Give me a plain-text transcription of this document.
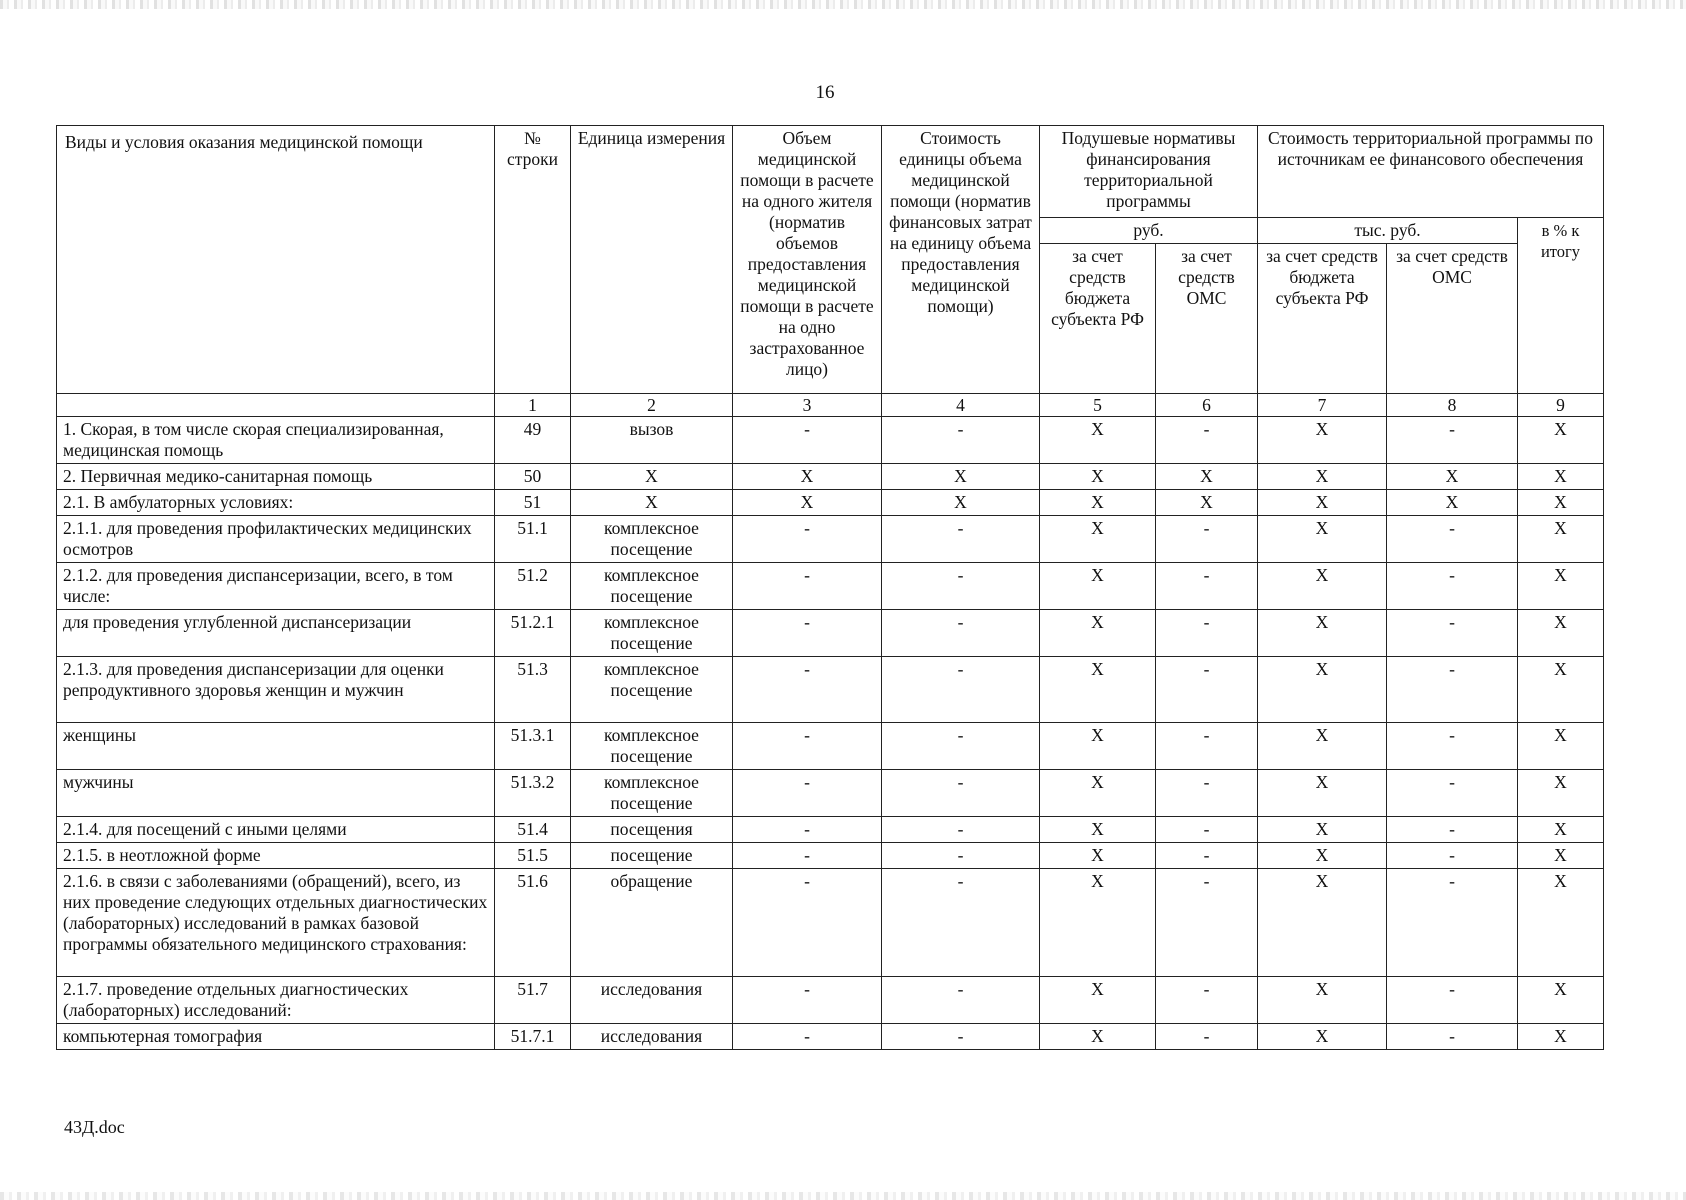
16
Виды и условия оказания медицинской помощи	№ строки	Единица измерения	Объем медицинской помощи в расчете на одного жителя (норматив объемов предоставления медицинской помощи в расчете на одно застрахованное лицо)	Стоимость единицы объема медицинской помощи (норматив финансовых затрат на единицу объема предоставления медицинской помощи)	Подушевые нормативы финансирования территориальной программы		Стоимость территориальной программы по источникам ее финансового обеспечения		
					руб.		тыс. руб.		в % к итогу
					за счет средств бюджета субъекта РФ	за счет средств ОМС	за счет средств бюджета субъекта РФ	за счет средств ОМС	
	1	2	3	4	5	6	7	8	9
1. Скорая, в том числе скорая специализированная, медицинская помощь	49	вызов	-	-	X	-	X	-	X
2. Первичная медико-санитарная помощь	50	X	X	X	X	X	X	X	X
2.1. В амбулаторных условиях:	51	X	X	X	X	X	X	X	X
2.1.1. для проведения профилактических медицинских осмотров	51.1	комплексное посещение	-	-	X	-	X	-	X
2.1.2. для проведения диспансеризации, всего, в том числе:	51.2	комплексное посещение	-	-	X	-	X	-	X
для проведения углубленной диспансеризации	51.2.1	комплексное посещение	-	-	X	-	X	-	X
2.1.3. для проведения диспансеризации для оценки репродуктивного здоровья женщин и мужчин	51.3	комплексное посещение	-	-	X	-	X	-	X
женщины	51.3.1	комплексное посещение	-	-	X	-	X	-	X
мужчины	51.3.2	комплексное посещение	-	-	X	-	X	-	X
2.1.4. для посещений с иными целями	51.4	посещения	-	-	X	-	X	-	X
2.1.5. в неотложной форме	51.5	посещение	-	-	X	-	X	-	X
2.1.6. в связи с заболеваниями (обращений), всего, из них проведение следующих отдельных диагностических (лабораторных) исследований в рамках базовой программы обязательного медицинского страхования:	51.6	обращение	-	-	X	-	X	-	X
2.1.7. проведение отдельных диагностических (лабораторных) исследований:	51.7	исследования	-	-	X	-	X	-	X
компьютерная томография	51.7.1	исследования	-	-	X	-	X	-	X
43Д.doc
